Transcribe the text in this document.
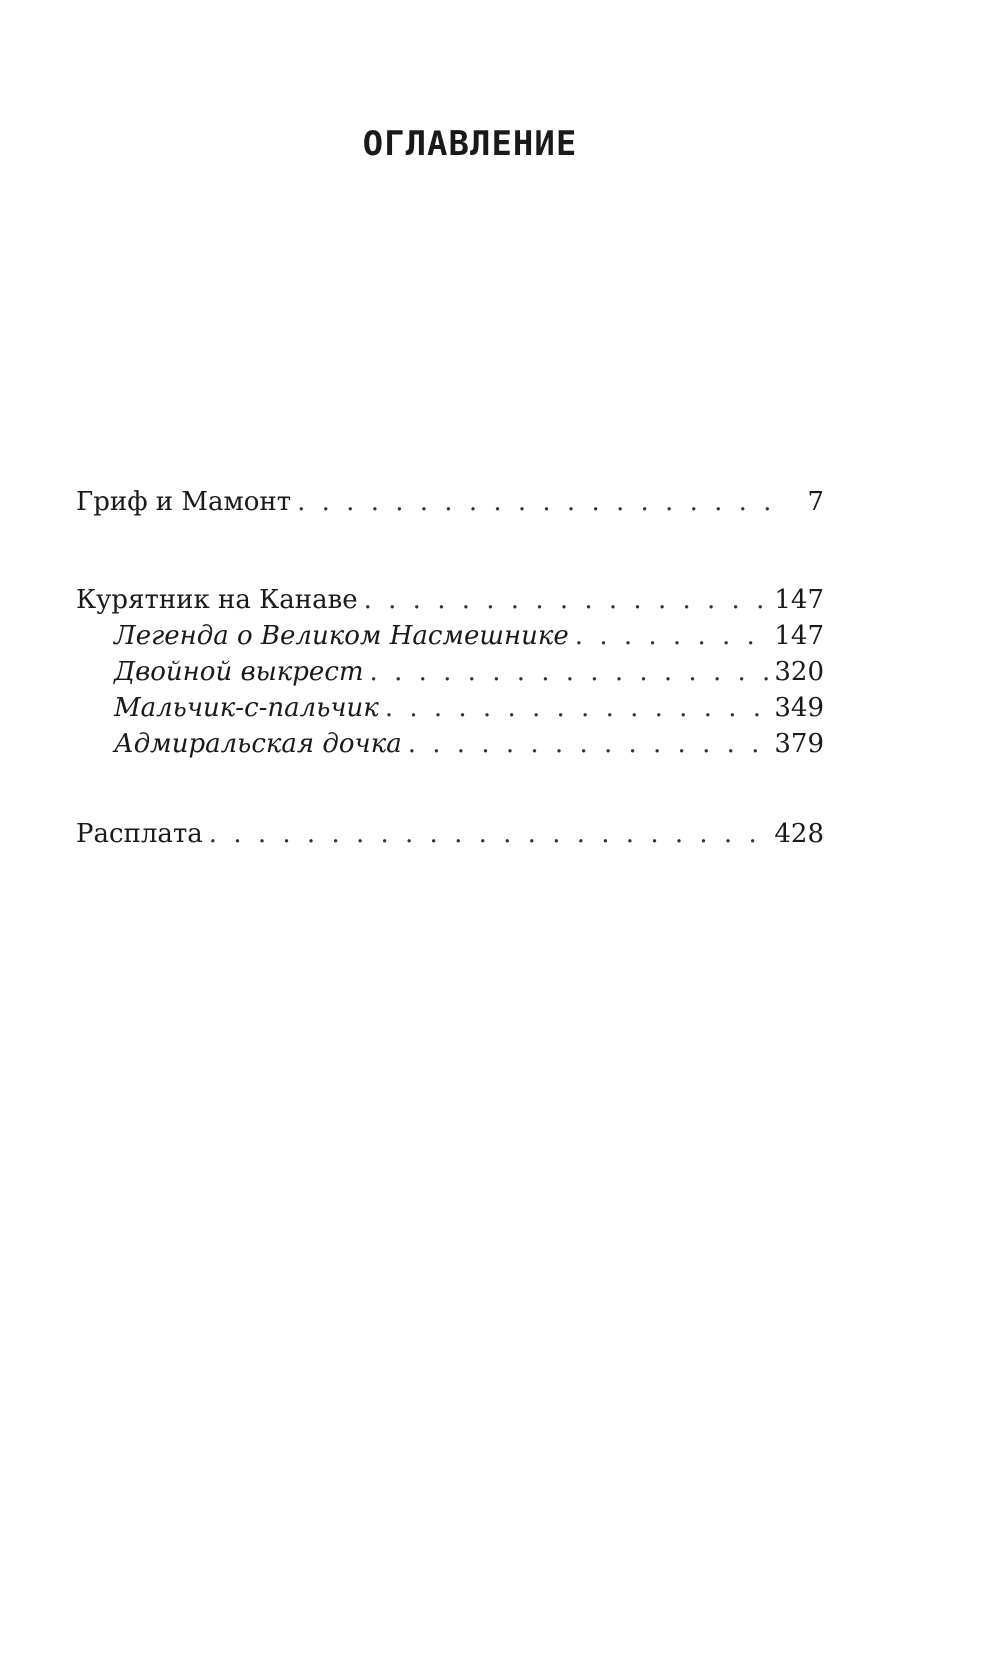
ОГЛАВЛЕНИЕ
Гриф и Мамонт . . .	7
Курятник на Канаве . . .	147
Легенда о Великом Насмешнике . . .	147
Двойной выкрест . . .	320
Мальчик-с-пальчик . . .	349
Адмиральская дочка . . .	379
Расплата . . .	428
